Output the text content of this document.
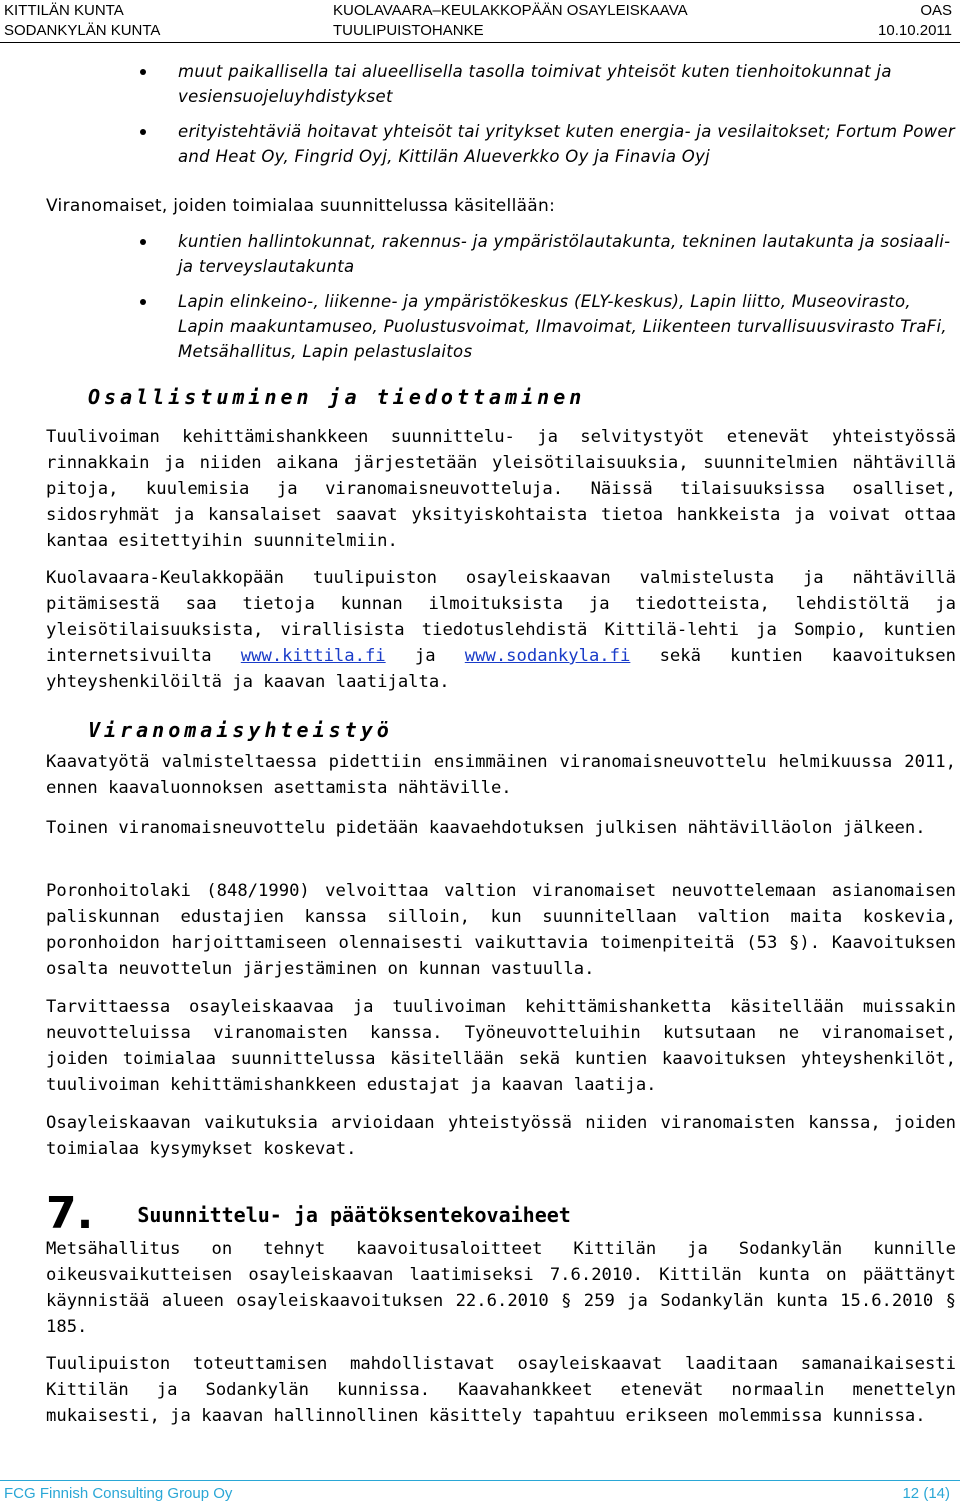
KITTILÄN KUNTA
SODANKYLÄN KUNTA
KUOLAVAARA–KEULAKKOPÄÄN OSAYLEISKAAVA
TUULIPUISTOHANKE
OAS
10.10.2011
muut paikallisella tai alueellisella tasolla toimivat yhteisöt kuten tienhoitokunnat ja vesiensuojeluyhdistykset
erityistehtäviä hoitavat yhteisöt tai yritykset kuten energia- ja vesilaitokset; Fortum Power and Heat Oy, Fingrid Oyj, Kittilän Alueverkko Oy ja Finavia Oyj

Viranomaiset, joiden toimialaa suunnittelussa käsitellään:

kuntien hallintokunnat, rakennus- ja ympäristölautakunta, tekninen lautakunta ja sosiaali- ja terveyslautakunta
Lapin elinkeino-, liikenne- ja ympäristökeskus (ELY-keskus), Lapin liitto, Museovirasto, Lapin maakuntamuseo, Puolustusvoimat, Ilmavoimat, Liikenteen turvallisuusvirasto TraFi, Metsähallitus, Lapin pelastuslaitos
Osallistuminen ja tiedottaminen

Tuulivoiman kehittämishankkeen suunnittelu- ja selvitystyöt etenevät yhteistyössä rinnakkain ja niiden aikana järjestetään yleisötilaisuuksia, suunnitelmien nähtävillä pitoja, kuulemisia ja viranomaisneuvotteluja. Näissä tilaisuuksissa osalliset, sidosryhmät ja kansalaiset saavat yksityiskohtaista tietoa hankkeista ja voivat ottaa kantaa esitettyihin suunnitelmiin.

Kuolavaara-Keulakkopään tuulipuiston osayleiskaavan valmistelusta ja nähtävillä pitämisestä saa tietoja kunnan ilmoituksista ja tiedotteista, lehdistöltä ja yleisötilaisuuksista, virallisista tiedotuslehdistä Kittilä-lehti ja Sompio, kuntien internetsivuilta www.kittila.fi ja www.sodankyla.fi sekä kuntien kaavoituksen yhteyshenkilöiltä ja kaavan laatijalta.

Viranomaisyhteistyö

Kaavatyötä valmisteltaessa pidettiin ensimmäinen viranomaisneuvottelu helmikuussa 2011, ennen kaavaluonnoksen asettamista nähtäville.

Toinen viranomaisneuvottelu pidetään kaavaehdotuksen julkisen nähtävilläolon jälkeen.

Poronhoitolaki (848/1990) velvoittaa valtion viranomaiset neuvottelemaan asianomaisen paliskunnan edustajien kanssa silloin, kun suunnitellaan valtion maita koskevia, poronhoidon harjoittamiseen olennaisesti vaikuttavia toimenpiteitä (53 §). Kaavoituksen osalta neuvottelun järjestäminen on kunnan vastuulla.

Tarvittaessa osayleiskaavaa ja tuulivoiman kehittämishanketta käsitellään muissakin neuvotteluissa viranomaisten kanssa. Työneuvotteluihin kutsutaan ne viranomaiset, joiden toimialaa suunnittelussa käsitellään sekä kuntien kaavoituksen yhteyshenkilöt, tuulivoiman kehittämishankkeen edustajat ja kaavan laatija.

Osayleiskaavan vaikutuksia arvioidaan yhteistyössä niiden viranomaisten kanssa, joiden toimialaa kysymykset koskevat.

7. Suunnittelu- ja päätöksentekovaiheet

Metsähallitus on tehnyt kaavoitusaloitteet Kittilän ja Sodankylän kunnille oikeusvaikutteisen osayleiskaavan laatimiseksi 7.6.2010. Kittilän kunta on päättänyt käynnistää alueen osayleiskaavoituksen 22.6.2010 § 259 ja Sodankylän kunta 15.6.2010 § 185.

Tuulipuiston toteuttamisen mahdollistavat osayleiskaavat laaditaan samanaikaisesti Kittilän ja Sodankylän kunnissa. Kaavahankkeet etenevät normaalin menettelyn mukaisesti, ja kaavan hallinnollinen käsittely tapahtuu erikseen molemmissa kunnissa.

FCG Finnish Consulting Group Oy	12 (14)
